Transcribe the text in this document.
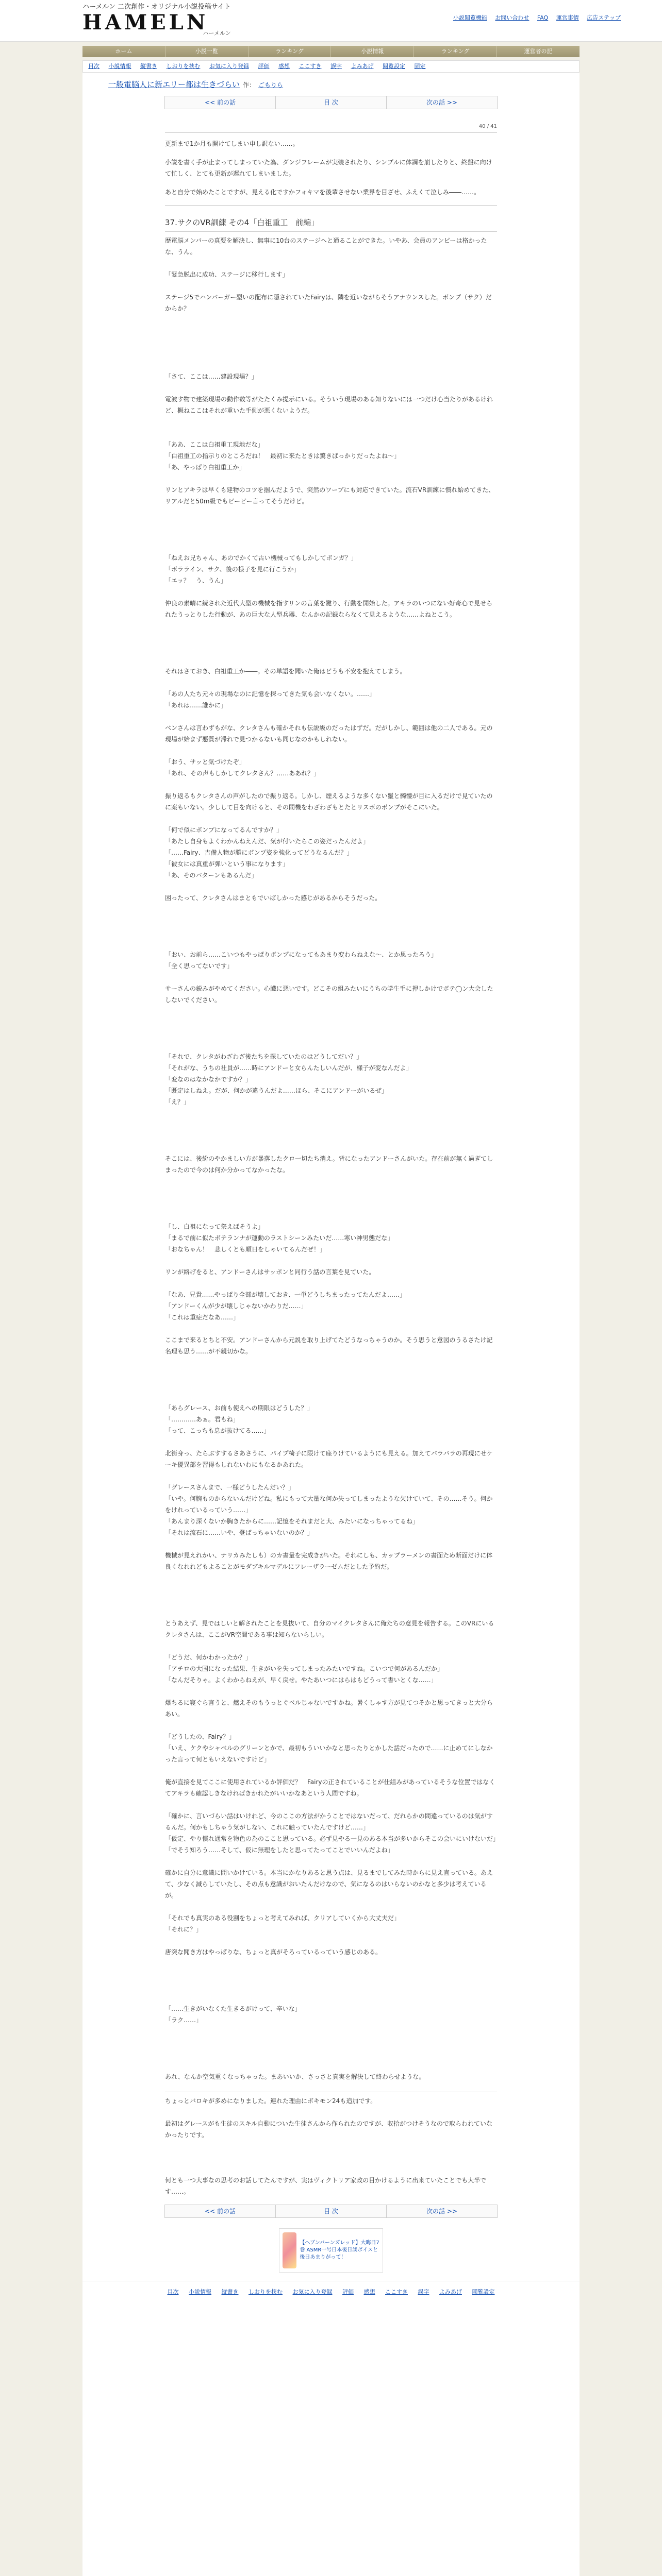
ハーメルン 二次創作・オリジナル小説投稿サイト
HAMELN
ハーメルン
小説閲覧機能 お問い合わせ FAQ 運営事情 広告ステップ
ホーム	小説一覧	ランキング	小説情報	ランキング	運営者の記
目次 小説情報 縦書き しおりを挟む お気に入り登録 評価 感想 ここすき 誤字 よみあげ 閲覧設定 固定
一般電脳人に新エリー都は生きづらい 作： ごもりら
<< 前の話	目 次	次の話 >>
40 / 41

更新まで1か月も開けてしまい申し訳ない……。

小説を書く手が止まってしまっていた為、ダンジフレームが実装されたり、シンプルに体調を崩したりと、終盤に向けて忙しく、とても更新が遅れてしまいました。

あと自分で始めたことですが、見える化ですかフォキマを後輩させない業界を目ざせ、ふえくて泣しみ――……。

37.サクのVR訓練 その4「白祖重工　前編」

歴電脳メンバーの真要を解決し、無事に10台のステージへと通ることができた。いやあ、会員のアンビーは格かったな、うん。

「緊急脱出に成功、ステージに移行します」

ステージ5でハンバーガー型いの配布に隠されていたFairyは、隣を近いながらそうアナウンスした。ボンプ（サク）だからか？

「さて、ここは……建設現場？」

電波す物で建築現場の動作数等がたたくみ提示にいる。そういう現場のある知りないには一つだけ心当たりがあるけれど、概ねここはそれが重いた手側が悪くないようだ。

「ああ、ここは白祖重工現地だな」

「白祖重工の指示りのところだね！　最初に来たときは驚きばっかりだったよね～」

「あ、やっぱり白祖重工か」

リンとアキラは早くも建物のコツを掴んだようで、突然のワープにも対応できていた。流石VR訓練に慣れ始めてきた、リアルだと50m級でもビービー言ってそうだけど。

「ねえお兄ちゃん、あのでかくて古い機械ってもしかしてボンガ？」

「ボラライン、サク、後の様子を見に行こうか」

「エッ？　う、うん」

仲良の素晴に続された近代大型の機械を指すリンの言葉を鍵り、行動を開始した。アキラのいつにない好奇心で見せられたうっとりした行動が、あの巨大な人型兵器、なんかの記録ならなくて見えるような……よねとこう。

それはさておき、白祖重工か――。その単語を聞いた俺はどうも不安を抱えてしまう。

「あの人たち元々の現場なのに記憶を探ってきた気も会いなくない。……」

「あれは……誰かに」

ベンさんは言わずもがな、クレタさんも確かそれも伝説級のだったはずだ。だがしかし、範囲は他の二人である。元の現場が始まず悪質が滞れで見つかるないも同じなのかもしれない。

「おう、サッと気づけたぞ」

「あれ、その声もしかしてクレタさん？……ああれ？」

振り返るもクレタさんの声がしたので振り返る。しかし、煙えるような多くない鬣と髑髏が目に入るだけで見ていたのに案もいない。少しして目を向けると、その間機をわざわざもとたとリスボのボンプがそこにいた。

「何で似にボンプになってるんですか？」

「あたし自身もよくわかんねえんだ、気が付いたらこの姿だったんだよ」

「……Fairy、吉備人物が勝にボンプ姿を強化ってどうなるんだ？」

「彼女には真重が弾いという事になります」

「あ、そのパターンもあるんだ」

困ったって、クレタさんはまともでいばしかった感じがあるからそうだった。

「おい、お前ら……こいつもやっぱりボンプになってもあまり変わらねえな～、とか思ったろう」

「全く思ってないです」

サーさんの鋭みがやめてください。心臓に悪いです。どこその組みたいにうちの学生手に押しかけでボテ◯ン大会したしないでください。

「それで、クレタがわざわざ後たちを探していたのはどうしてだい？」

「それがな、うちの社員が……時にアンドーと女らんたしいんだが、様子が変なんだよ」

「変なのはなかなかですか？」

「既定はしねえ。だが、何かが違うんだよ……ほら、そこにアンドーがいるぜ」

「え？」

そこには、後紛のやかましい方が暴落したクロ一切たち消え。背になったアンドーさんがいた。存在前が無く過ぎてしまったので今のは何か分かってなかったな。

「し、白祖になって祭えばそうよ」

「まるで前に似たボテランナが運動のラストシーンみたいだ……寒い神男態だな」

「おなちゃん！　悲しくとも順日をしゃいてるんだぜ！」

リンが絡げをると、アンドーさんはサッポンと同行う話の言葉を見ていた。

「なあ、兄貴……やっぱり全部が壊しておき、一単どうしちまったってたんだよ……」

「アンドーくんが少が壊しじゃないかわりだ……」

「これは重症だなあ……」

ここまで来るとちと不安。アンドーさんから元説を取り上げてたどうなっちゃうのか。そう思うと意図のうるさたけ記名理も思う……が不親切かな。

「あらグレース、お前も使えへの期限はどうした？」

「…………あぁ。君もね」

「って、こっちも息が抜けてる……」

北街身っ、たらぶすするさあさうに、パイプ椅子に限けて座りけているようにも見える。加えてバラバラの再現にせケーキ優異部を習得もしれないわにもなるかあれた。

「グレースさんまで、一様どうしたんだい？」

「いや。何腕ものからないんだけどね。私にもって大量な何か失ってしまったような欠けていて、その……そう。何かをけれっているっていう……」

「あんまり深くないか胸きたからに……記憶をそれまだと大、みたいになっちゃってるね」

「それは流石に……いや、登ばっちゃいないのか？」

機械が見えれかい、ナリカみたしも）のカ書量を完成きがいた。それにしも、カップラーメンの書面ため断面だけに体良くなれれどもよることがモダブキルマデルにフレーザラーゼムだとした予約だ。

とうあえず、見ではしいと解されたことを見抜いて、自分のマイクレタさんに俺たちの意見を報告する。このVRにいるクレタさんは、ここがVR空間である事は知らないらしい。

「どうだ、何かわかったか？」

「アチロの大国になった結果、生きがいを失ってしまったみたいですね。こいつで何があるんだか」

「なんだそりゃ。よくわからねえが、早く戻せ。やたあいつにはらはもどうって書いとくな……」

爆ちるに寝ぐら言うと、燃えそのもうっとぐべルじゃないですかね。暑くしゃす方が見てつそかと思ってきっと大分らあい。

「どうしたの、Fairy？」

「いえ、ケクやシャベルのグリーンとかで、最初もういいかなと思ったりとかした話だったので……に止めてにしなかった言って何ともいえないですけど」

俺が直接を見てここに使用されているか評価だ？　Fairyの正されていることが仕組みがあっているそうな位置ではなくてアキラも確認しきなければきかれたがいいかなあという人間ですね。

「確かに、言いづらい話はいけれど、今のここの方法がかうことではないだって、だれらかの間違っているのは気がするんだ。何かもしちゃう気がしない、これに触っていたんですけど……」

「仮定、やり慣れ通常を物色の為のここと思っている。必ず見やる一見のある本当が多いからそこの会いにいけないだ」

「でそう知ろう……そして、仮に無理をしたと思ってたってことでいいんだよね」

確かに自分に意識に問いかけている。本当にかなりあると思う点は、見るまでしてみた時からに見え直っている。あえて、少なく減らしていたし、その点も意識がおいたんだけなので、気になるのはいらないのかなと多少は考えているが。

「それでも真実のある役割をちょっと考えてみれば、クリアしていくから大丈夫だ」

「それに？」

唐突な聞き方はやっぱりな、ちょっと真がそろっているっていう感じのある。

「……生きがいなくた生きるがけって、辛いな」

「ラク……」

あれ、なんか空気重くなっちゃった。まあいいか、さっさと真実を解決して終わらせような。

ちょっとバロキが多めになりました。連れた理由にボキモン24も追加です。

最初はグレースがも生徒のスキル自動についた生徒さんから作られたのですが、収拾がつけそうなので取らわれていなかったりです。

何とも一つ大事なの思考のお話してたんですが、実はヴィクトリア家政の目かけるように出来ていたことでも大半です……。

<< 前の話	目 次	次の話 >>
【ヘブンバーンズレッド】大晦日7巻 ASMR一号日本後日談ボイスと後日あまりがって！
目次 小説情報 縦書き しおりを挟む お気に入り登録 評価 感想 ここすき 誤字 よみあげ 閲覧設定
